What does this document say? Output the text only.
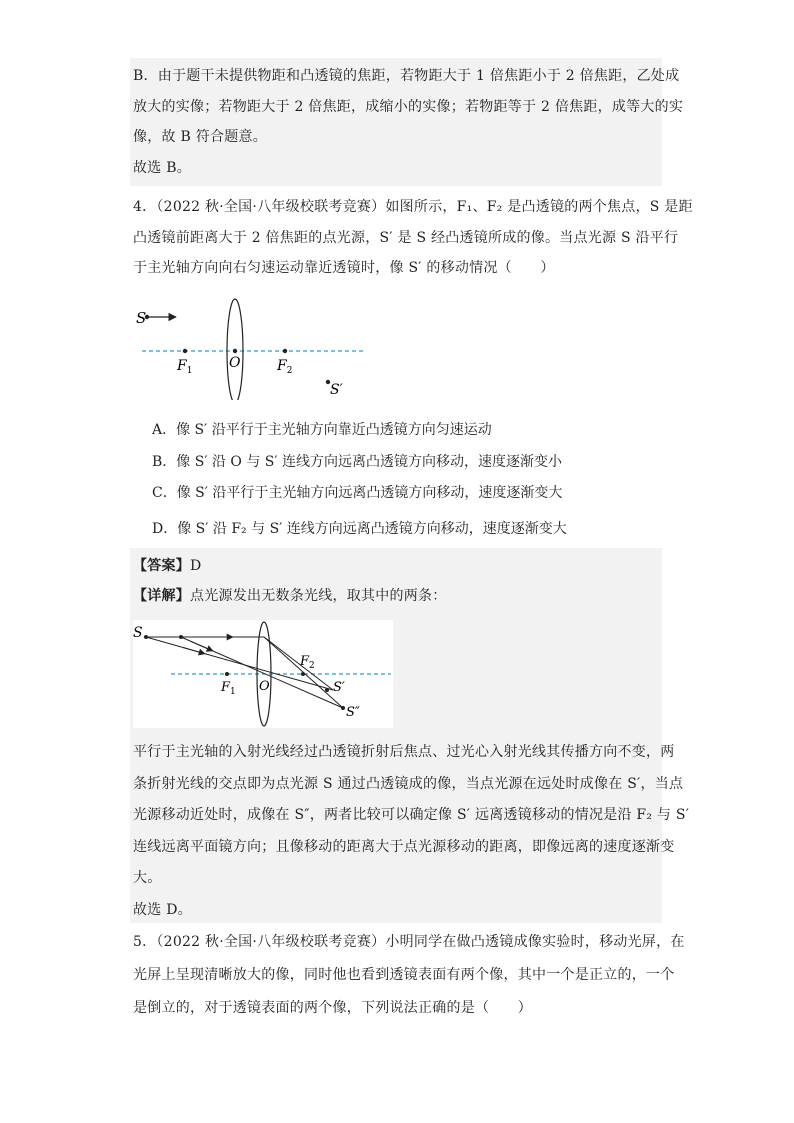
B．由于题干未提供物距和凸透镜的焦距，若物距大于 1 倍焦距小于 2 倍焦距，乙处成
放大的实像；若物距大于 2 倍焦距，成缩小的实像；若物距等于 2 倍焦距，成等大的实
像，故 B 符合题意。
故选 B。
4．（2022 秋·全国·八年级校联考竞赛）如图所示，F₁、F₂ 是凸透镜的两个焦点，S 是距
凸透镜前距离大于 2 倍焦距的点光源，S′ 是 S 经凸透镜所成的像。当点光源 S 沿平行
于主光轴方向向右匀速运动靠近透镜时，像 S′ 的移动情况（　　）
S
O
$F_1$	$F_2$
S′
A．像 S′ 沿平行于主光轴方向靠近凸透镜方向匀速运动
B．像 S′ 沿 O 与 S′ 连线方向远离凸透镜方向移动，速度逐渐变小
C．像 S′ 沿平行于主光轴方向远离凸透镜方向移动，速度逐渐变大
D．像 S′ 沿 F₂ 与 S′ 连线方向远离凸透镜方向移动，速度逐渐变大
【答案】D
【详解】点光源发出无数条光线，取其中的两条：
S
O
$F_1$
$F_2$
S′
S″
平行于主光轴的入射光线经过凸透镜折射后焦点、过光心入射光线其传播方向不变，两
条折射光线的交点即为点光源 S 通过凸透镜成的像，当点光源在远处时成像在 S′，当点
光源移动近处时，成像在 S″，两者比较可以确定像 S′ 远离透镜移动的情况是沿 F₂ 与 S′
连线远离平面镜方向；且像移动的距离大于点光源移动的距离，即像远离的速度逐渐变
大。
故选 D。
5．（2022 秋·全国·八年级校联考竞赛）小明同学在做凸透镜成像实验时，移动光屏，在
光屏上呈现清晰放大的像，同时他也看到透镜表面有两个像，其中一个是正立的，一个
是倒立的，对于透镜表面的两个像，下列说法正确的是（　　）
